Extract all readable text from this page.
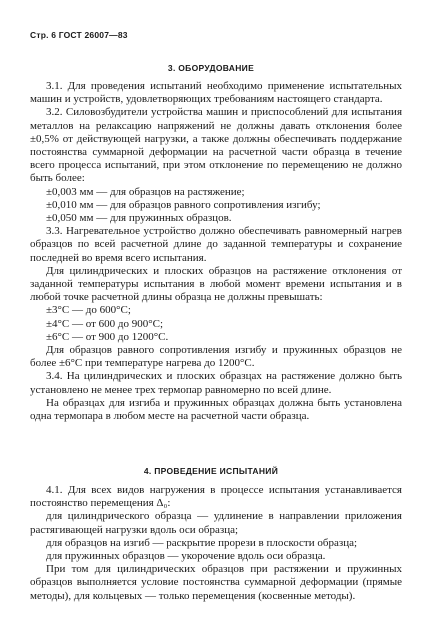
Стр. 6 ГОСТ 26007—83
3. ОБОРУДОВАНИЕ

3.1. Для проведения испытаний необходимо применение испытательных машин и устройств, удовлетворяющих требованиям настоящего стандарта.

3.2. Силовозбудители устройства машин и приспособлений для испытания металлов на релаксацию напряжений не должны давать отклонения более ±0,5% от действующей нагрузки, а также должны обеспечивать поддержание постоянства суммарной деформации на расчетной части образца в течение всего процесса испытаний, при этом отклонение по перемещению не должно быть более:

±0,003 мм — для образцов на растяжение;

±0,010 мм — для образцов равного сопротивления изгибу;

±0,050 мм — для пружинных образцов.

3.3. Нагревательное устройство должно обеспечивать равномерный нагрев образцов по всей расчетной длине до заданной температуры и сохранение последней во время всего испытания.

Для цилиндрических и плоских образцов на растяжение отклонения от заданной температуры испытания в любой момент времени испытания и в любой точке расчетной длины образца не должны превышать:

±3°С — до 600°С;

±4°С — от 600 до 900°С;

±6°С — от 900 до 1200°С.

Для образцов равного сопротивления изгибу и пружинных образцов не более ±6°С при температуре нагрева до 1200°С.

3.4. На цилиндрических и плоских образцах на растяжение должно быть установлено не менее трех термопар равномерно по всей длине.

На образцах для изгиба и пружинных образцах должна быть установлена одна термопара в любом месте на расчетной части образца.

4. ПРОВЕДЕНИЕ ИСПЫТАНИЙ

4.1. Для всех видов нагружения в процессе испытания устанавливается постоянство перемещения Δ₀:

для цилиндрического образца — удлинение в направлении приложения растягивающей нагрузки вдоль оси образца;

для образцов на изгиб — раскрытие прорези в плоскости образца;

для пружинных образцов — укорочение вдоль оси образца.

При том для цилиндрических образцов при растяжении и пружинных образцов выполняется условие постоянства суммарной деформации (прямые методы), для кольцевых — только перемещения (косвенные методы).
